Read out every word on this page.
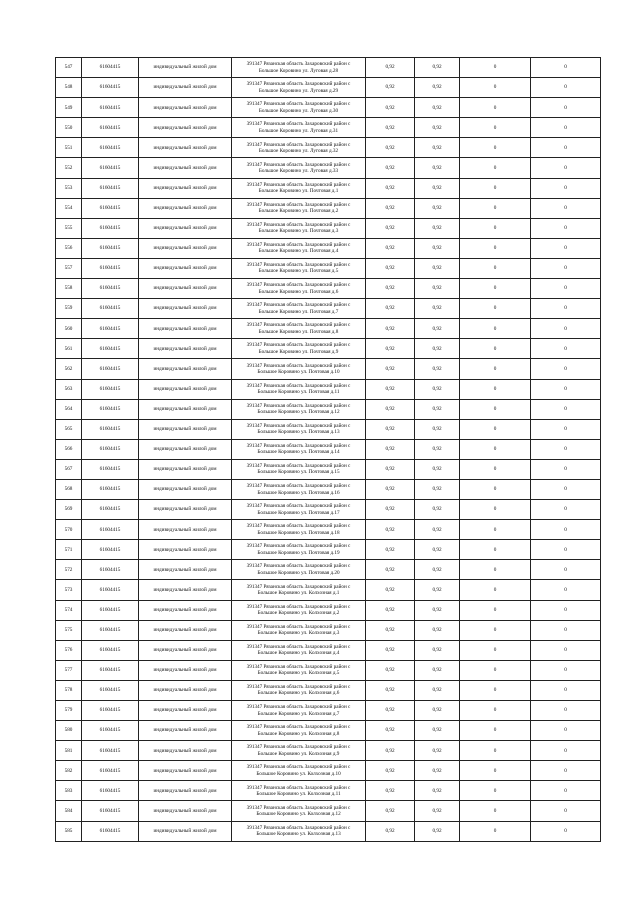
547	61604415	индивидуальный жилой дом	391347 Рязанская область Захаровский район с
Большое Коровино ул. Луговая д.28	0,92	0,92	0	0
548	61604415	индивидуальный жилой дом	391347 Рязанская область Захаровский район с
Большое Коровино ул. Луговая д.29	0,92	0,92	0	0
549	61604415	индивидуальный жилой дом	391347 Рязанская область Захаровский район с
Большое Коровино ул. Луговая д.30	0,92	0,92	0	0
550	61604415	индивидуальный жилой дом	391347 Рязанская область Захаровский район с
Большое Коровино ул. Луговая д.31	0,92	0,92	0	0
551	61604415	индивидуальный жилой дом	391347 Рязанская область Захаровский район с
Большое Коровино ул. Луговая д.32	0,92	0,92	0	0
552	61604415	индивидуальный жилой дом	391347 Рязанская область Захаровский район с
Большое Коровино ул. Луговая д.33	0,92	0,92	0	0
553	61604415	индивидуальный жилой дом	391347 Рязанская область Захаровский район с
Большое Коровино ул. Почтовая д.1	0,92	0,92	0	0
554	61604415	индивидуальный жилой дом	391347 Рязанская область Захаровский район с
Большое Коровино ул. Почтовая д.2	0,92	0,92	0	0
555	61604415	индивидуальный жилой дом	391347 Рязанская область Захаровский район с
Большое Коровино ул. Почтовая д.3	0,92	0,92	0	0
556	61604415	индивидуальный жилой дом	391347 Рязанская область Захаровский район с
Большое Коровино ул. Почтовая д.4	0,92	0,92	0	0
557	61604415	индивидуальный жилой дом	391347 Рязанская область Захаровский район с
Большое Коровино ул. Почтовая д.5	0,92	0,92	0	0
558	61604415	индивидуальный жилой дом	391347 Рязанская область Захаровский район с
Большое Коровино ул. Почтовая д.6	0,92	0,92	0	0
559	61604415	индивидуальный жилой дом	391347 Рязанская область Захаровский район с
Большое Коровино ул. Почтовая д.7	0,92	0,92	0	0
560	61604415	индивидуальный жилой дом	391347 Рязанская область Захаровский район с
Большое Коровино ул. Почтовая д.8	0,92	0,92	0	0
561	61604415	индивидуальный жилой дом	391347 Рязанская область Захаровский район с
Большое Коровино ул. Почтовая д.9	0,92	0,92	0	0
562	61604415	индивидуальный жилой дом	391347 Рязанская область Захаровский район с
Большое Коровино ул. Почтовая д.10	0,92	0,92	0	0
563	61604415	индивидуальный жилой дом	391347 Рязанская область Захаровский район с
Большое Коровино ул. Почтовая д.11	0,92	0,92	0	0
564	61604415	индивидуальный жилой дом	391347 Рязанская область Захаровский район с
Большое Коровино ул. Почтовая д.12	0,92	0,92	0	0
565	61604415	индивидуальный жилой дом	391347 Рязанская область Захаровский район с
Большое Коровино ул. Почтовая д.13	0,92	0,92	0	0
566	61604415	индивидуальный жилой дом	391347 Рязанская область Захаровский район с
Большое Коровино ул. Почтовая д.14	0,92	0,92	0	0
567	61604415	индивидуальный жилой дом	391347 Рязанская область Захаровский район с
Большое Коровино ул. Почтовая д.15	0,92	0,92	0	0
568	61604415	индивидуальный жилой дом	391347 Рязанская область Захаровский район с
Большое Коровино ул. Почтовая д.16	0,92	0,92	0	0
569	61604415	индивидуальный жилой дом	391347 Рязанская область Захаровский район с
Большое Коровино ул. Почтовая д.17	0,92	0,92	0	0
570	61604415	индивидуальный жилой дом	391347 Рязанская область Захаровский район с
Большое Коровино ул. Почтовая д.18	0,92	0,92	0	0
571	61604415	индивидуальный жилой дом	391347 Рязанская область Захаровский район с
Большое Коровино ул. Почтовая д.19	0,92	0,92	0	0
572	61604415	индивидуальный жилой дом	391347 Рязанская область Захаровский район с
Большое Коровино ул. Почтовая д.20	0,92	0,92	0	0
573	61604415	индивидуальный жилой дом	391347 Рязанская область Захаровский район с
Большое Коровино ул. Колхозная д.1	0,92	0,92	0	0
574	61604415	индивидуальный жилой дом	391347 Рязанская область Захаровский район с
Большое Коровино ул. Колхозная д.2	0,92	0,92	0	0
575	61604415	индивидуальный жилой дом	391347 Рязанская область Захаровский район с
Большое Коровино ул. Колхозная д.3	0,92	0,92	0	0
576	61604415	индивидуальный жилой дом	391347 Рязанская область Захаровский район с
Большое Коровино ул. Колхозная д.4	0,92	0,92	0	0
577	61604415	индивидуальный жилой дом	391347 Рязанская область Захаровский район с
Большое Коровино ул. Колхозная д.5	0,92	0,92	0	0
578	61604415	индивидуальный жилой дом	391347 Рязанская область Захаровский район с
Большое Коровино ул. Колхозная д.6	0,92	0,92	0	0
579	61604415	индивидуальный жилой дом	391347 Рязанская область Захаровский район с
Большое Коровино ул. Колхозная д.7	0,92	0,92	0	0
580	61604415	индивидуальный жилой дом	391347 Рязанская область Захаровский район с
Большое Коровино ул. Колхозная д.8	0,92	0,92	0	0
581	61604415	индивидуальный жилой дом	391347 Рязанская область Захаровский район с
Большое Коровино ул. Колхозная д.9	0,92	0,92	0	0
582	61604415	индивидуальный жилой дом	391347 Рязанская область Захаровский район с
Большое Коровино ул. Колхозная д.10	0,92	0,92	0	0
583	61604415	индивидуальный жилой дом	391347 Рязанская область Захаровский район с
Большое Коровино ул. Колхозная д.11	0,92	0,92	0	0
584	61604415	индивидуальный жилой дом	391347 Рязанская область Захаровский район с
Большое Коровино ул. Колхозная д.12	0,92	0,92	0	0
585	61604415	индивидуальный жилой дом	391347 Рязанская область Захаровский район с
Большое Коровино ул. Колхозная д.13	0,92	0,92	0	0
